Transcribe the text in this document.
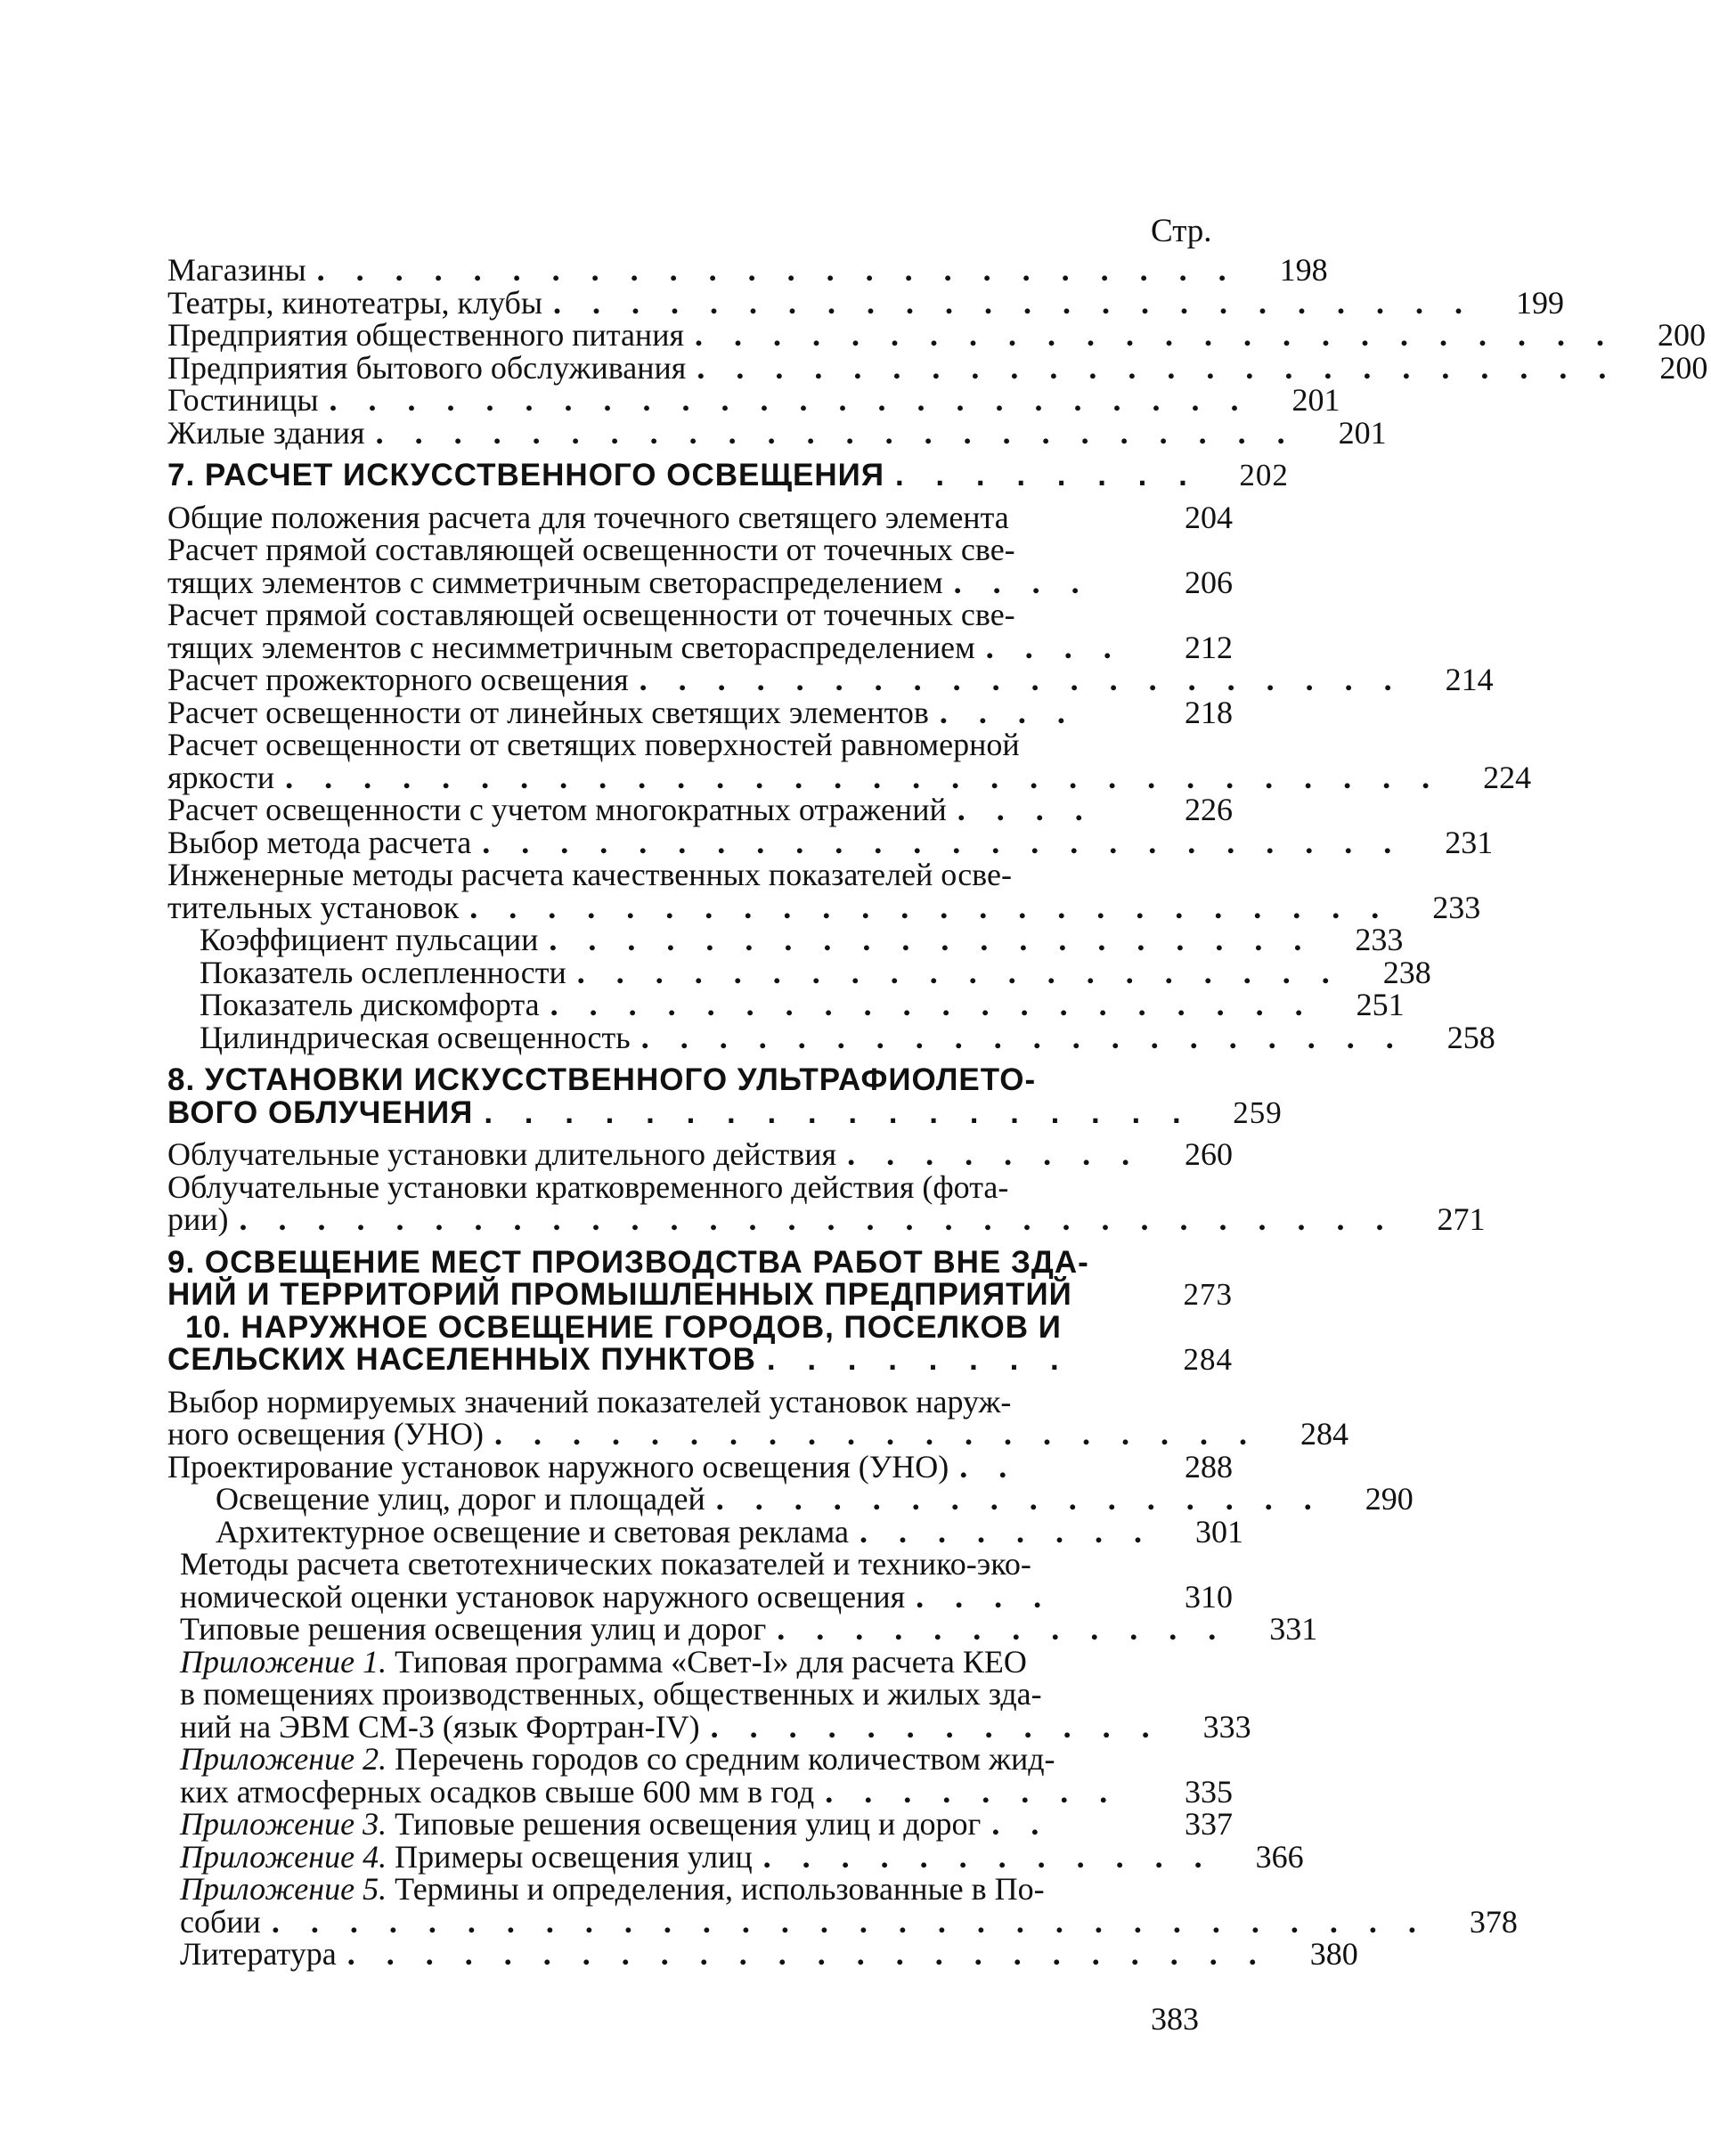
Стр.
Магазины . . . . . . . . . . . . . . . . . . . . . . . .	198
Театры, кинотеатры, клубы . . . . . . . . . . . . . . . . . . . . . . . .	199
Предприятия общественного питания . . . . . . . . . . . . . . . . . . . . . . . .	200
Предприятия бытового обслуживания . . . . . . . . . . . . . . . . . . . . . . . .	200
Гостиницы . . . . . . . . . . . . . . . . . . . . . . . .	201
Жилые здания . . . . . . . . . . . . . . . . . . . . . . . .	201
7. РАСЧЕТ ИСКУССТВЕННОГО ОСВЕЩЕНИЯ . . . . . . . .	202
Общие положения расчета для точечного светящего элемента	204
Расчет прямой составляющей освещенности от точечных све-
тящих элементов с симметричным светораспределением . . . .	206
Расчет прямой составляющей освещенности от точечных све-
тящих элементов с несимметричным светораспределением . . . .	212
Расчет прожекторного освещения . . . . . . . . . . . . . . . . . . . .	214
Расчет освещенности от линейных светящих элементов . . . .	218
Расчет освещенности от светящих поверхностей равномерной
яркости . . . . . . . . . . . . . . . . . . . . . . . . . . . . . .	224
Расчет освещенности с учетом многократных отражений . . . .	226
Выбор метода расчета . . . . . . . . . . . . . . . . . . . . . . . .	231
Инженерные методы расчета качественных показателей осве-
тительных установок . . . . . . . . . . . . . . . . . . . . . . . .	233
Коэффициент пульсации . . . . . . . . . . . . . . . . . . . .	233
Показатель ослепленности . . . . . . . . . . . . . . . . . . . .	238
Показатель дискомфорта . . . . . . . . . . . . . . . . . . . .	251
Цилиндрическая освещенность . . . . . . . . . . . . . . . . . . . .	258
8. УСТАНОВКИ ИСКУССТВЕННОГО УЛЬТРАФИОЛЕТО-
ВОГО ОБЛУЧЕНИЯ . . . . . . . . . . . . . . . . . .	259
Облучательные установки длительного действия . . . . . . . .	260
Облучательные установки кратковременного действия (фота-
рии) . . . . . . . . . . . . . . . . . . . . . . . . . . . . . .	271
9. ОСВЕЩЕНИЕ МЕСТ ПРОИЗВОДСТВА РАБОТ ВНЕ ЗДА-
НИЙ И ТЕРРИТОРИЙ ПРОМЫШЛЕННЫХ ПРЕДПРИЯТИЙ	273
10. НАРУЖНОЕ ОСВЕЩЕНИЕ ГОРОДОВ, ПОСЕЛКОВ И
СЕЛЬСКИХ НАСЕЛЕННЫХ ПУНКТОВ . . . . . . . .	284
Выбор нормируемых значений показателей установок наруж-
ного освещения (УНО) . . . . . . . . . . . . . . . . . . . .	284
Проектирование установок наружного освещения (УНО) . .	288
Освещение улиц, дорог и площадей . . . . . . . . . . . . . . . .	290
Архитектурное освещение и световая реклама . . . . . . . .	301
Методы расчета светотехнических показателей и технико-эко-
номической оценки установок наружного освещения . . . .	310
Типовые решения освещения улиц и дорог . . . . . . . . . . . .	331
Приложение 1. Типовая программа «Свет-I» для расчета КЕО
в помещениях производственных, общественных и жилых зда-
ний на ЭВМ СМ-3 (язык Фортран-IV) . . . . . . . . . . . .	333
Приложение 2. Перечень городов со средним количеством жид-
ких атмосферных осадков свыше 600 мм в год . . . . . . . .	335
Приложение 3. Типовые решения освещения улиц и дорог . .	337
Приложение 4. Примеры освещения улиц . . . . . . . . . . . .	366
Приложение 5. Термины и определения, использованные в По-
собии . . . . . . . . . . . . . . . . . . . . . . . . . . . . . .	378
Литература . . . . . . . . . . . . . . . . . . . . . . . .	380
383
